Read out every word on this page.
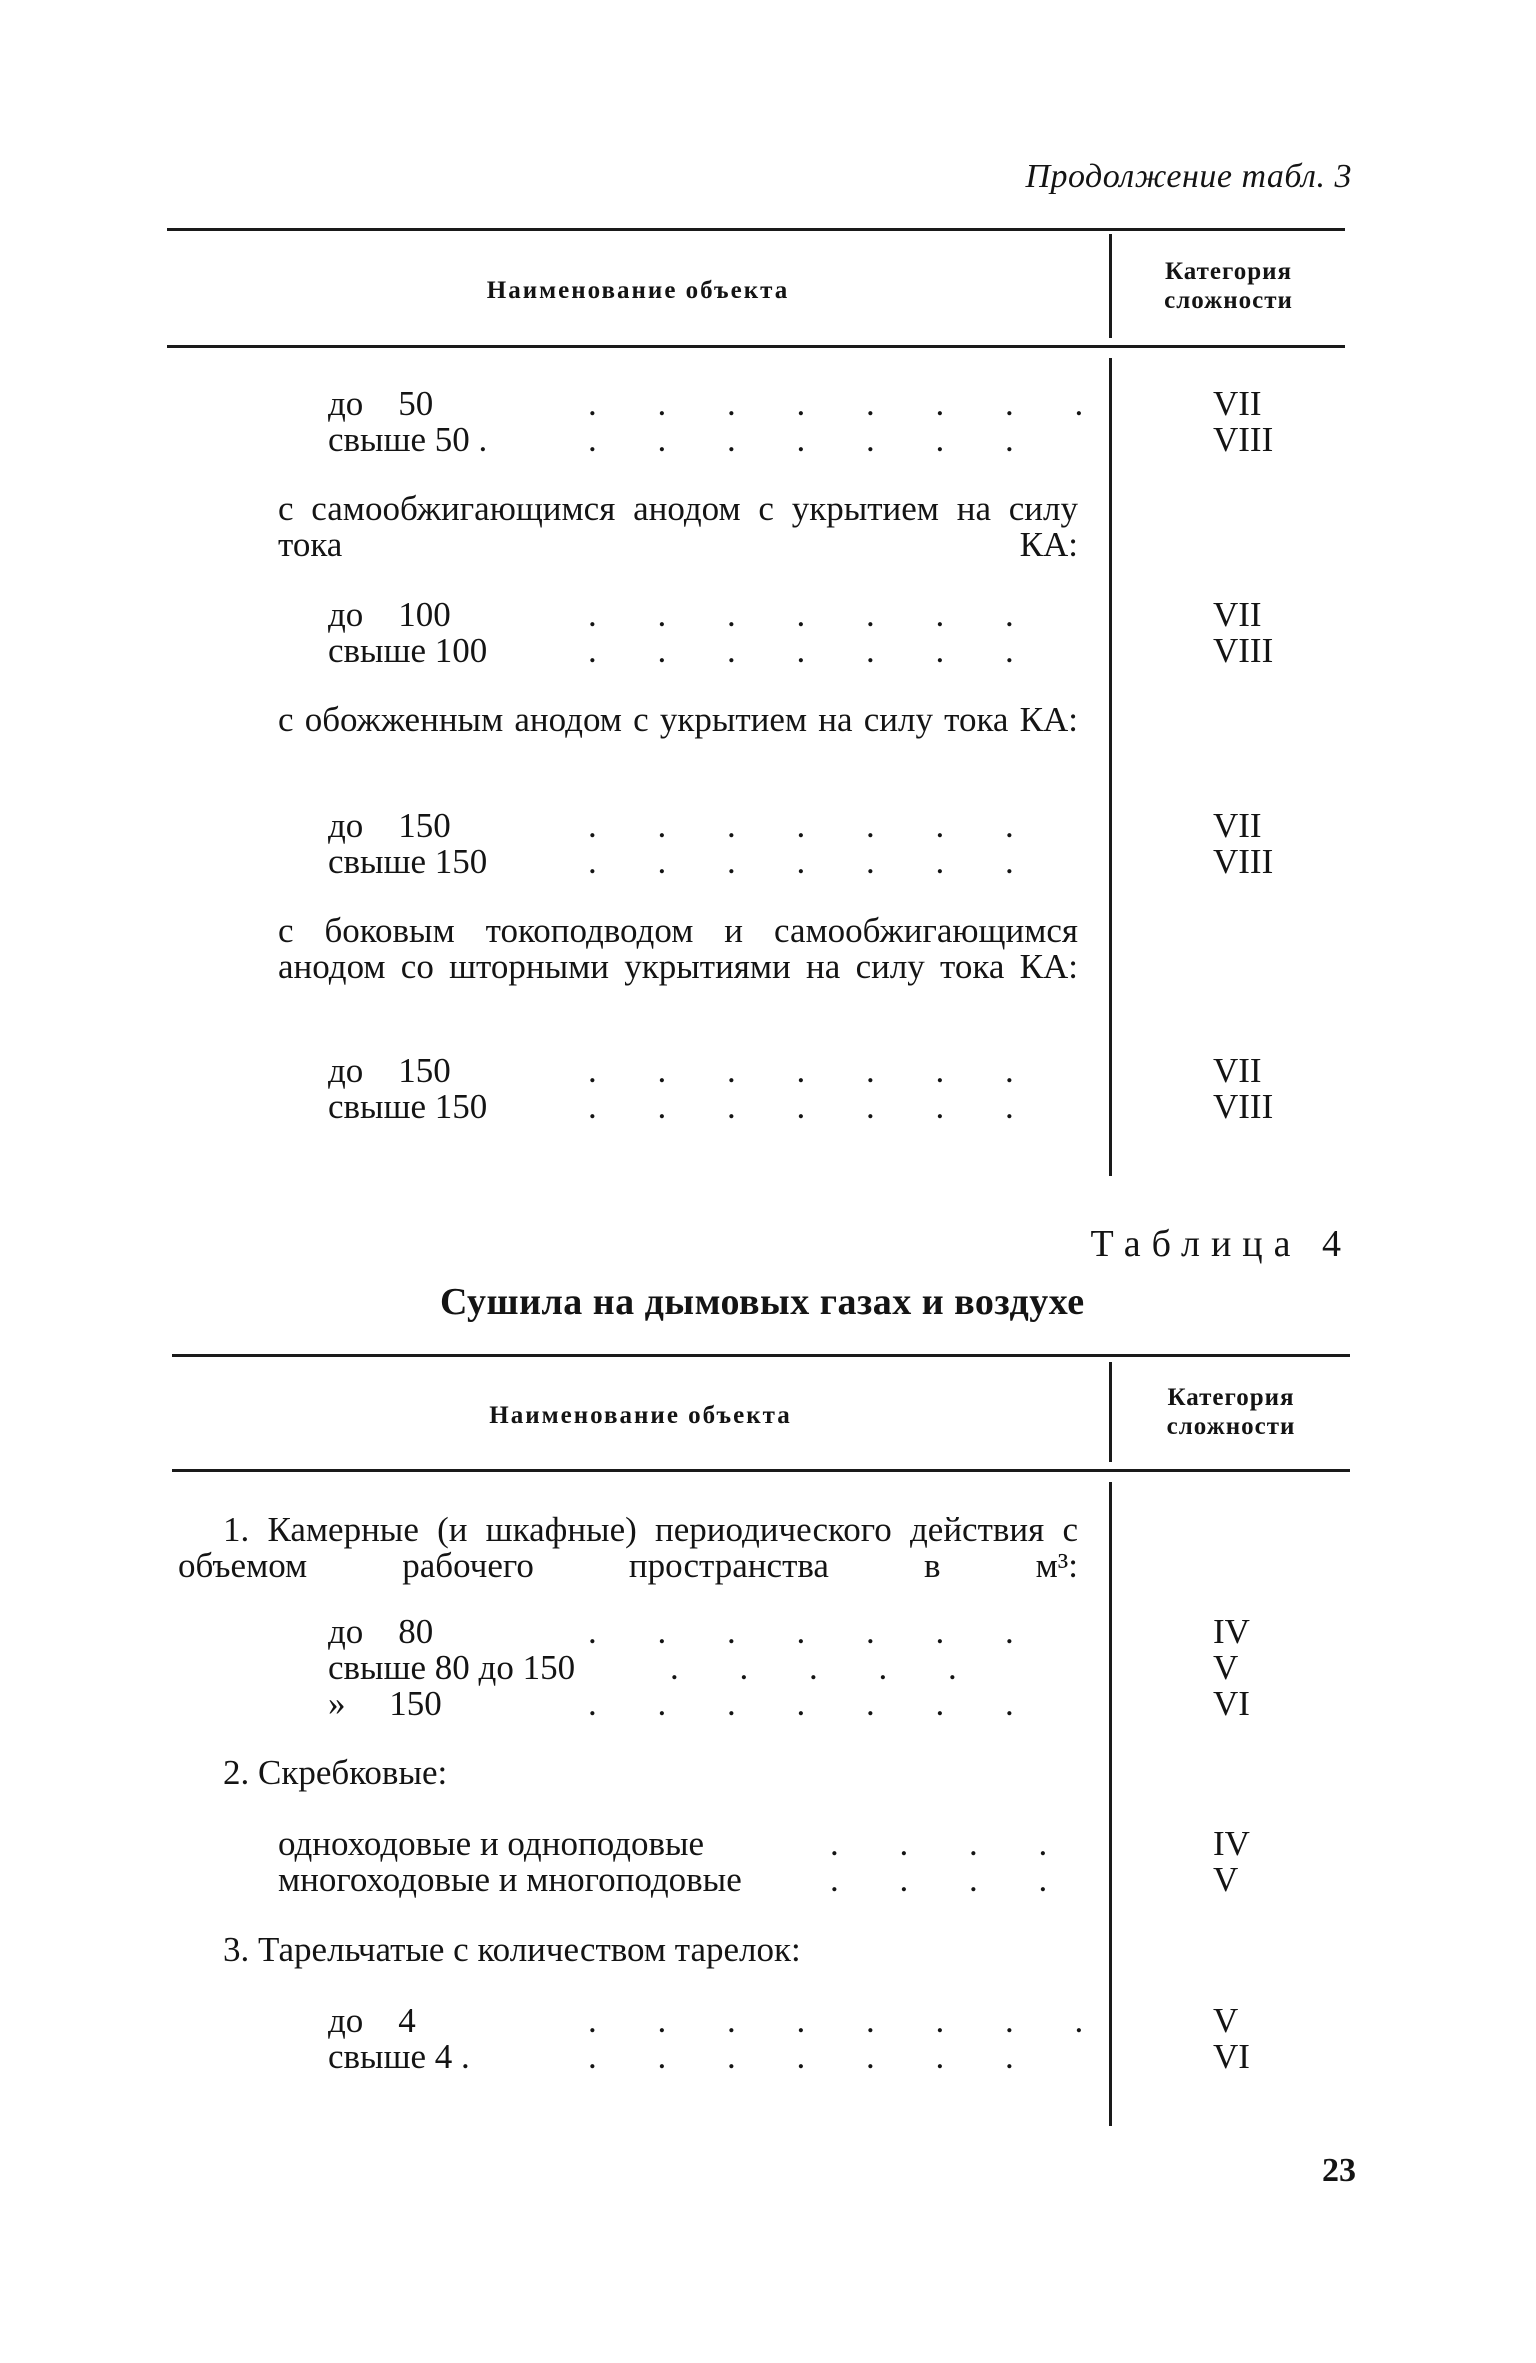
Продолжение табл. 3
Наименование объекта
Категория
сложности
до    50	. . . . . . . .	VII
свыше 50 .	. . . . . . .	VIII
с самообжигающимся анодом с укрытием на силу тока КА:
до    100	. . . . . . .	VII
свыше 100	. . . . . . .	VIII
с обожженным анодом с укрытием на силу тока КА:
до    150	. . . . . . .	VII
свыше 150	. . . . . . .	VIII
с боковым токоподводом и самообжигающимся анодом со шторными укрытиями на силу тока КА:
до    150	. . . . . . .	VII
свыше 150	. . . . . . .	VIII
Таблица 4
Сушила на дымовых газах и воздухе
Наименование объекта
Категория
сложности
1. Камерные (и шкафные) периодического действия с объемом рабочего пространства в м³:
до    80	. . . . . . .	IV
свыше 80 до 150	. . . . .	V
»     150	. . . . . . .	VI
2. Скребковые:
одноходовые и одноподовые	. . . .	IV
многоходовые и многоподовые	. . . .	V
3. Тарельчатые с количеством тарелок:
до    4	. . . . . . . .	V
свыше 4 .	. . . . . . .	VI
23
